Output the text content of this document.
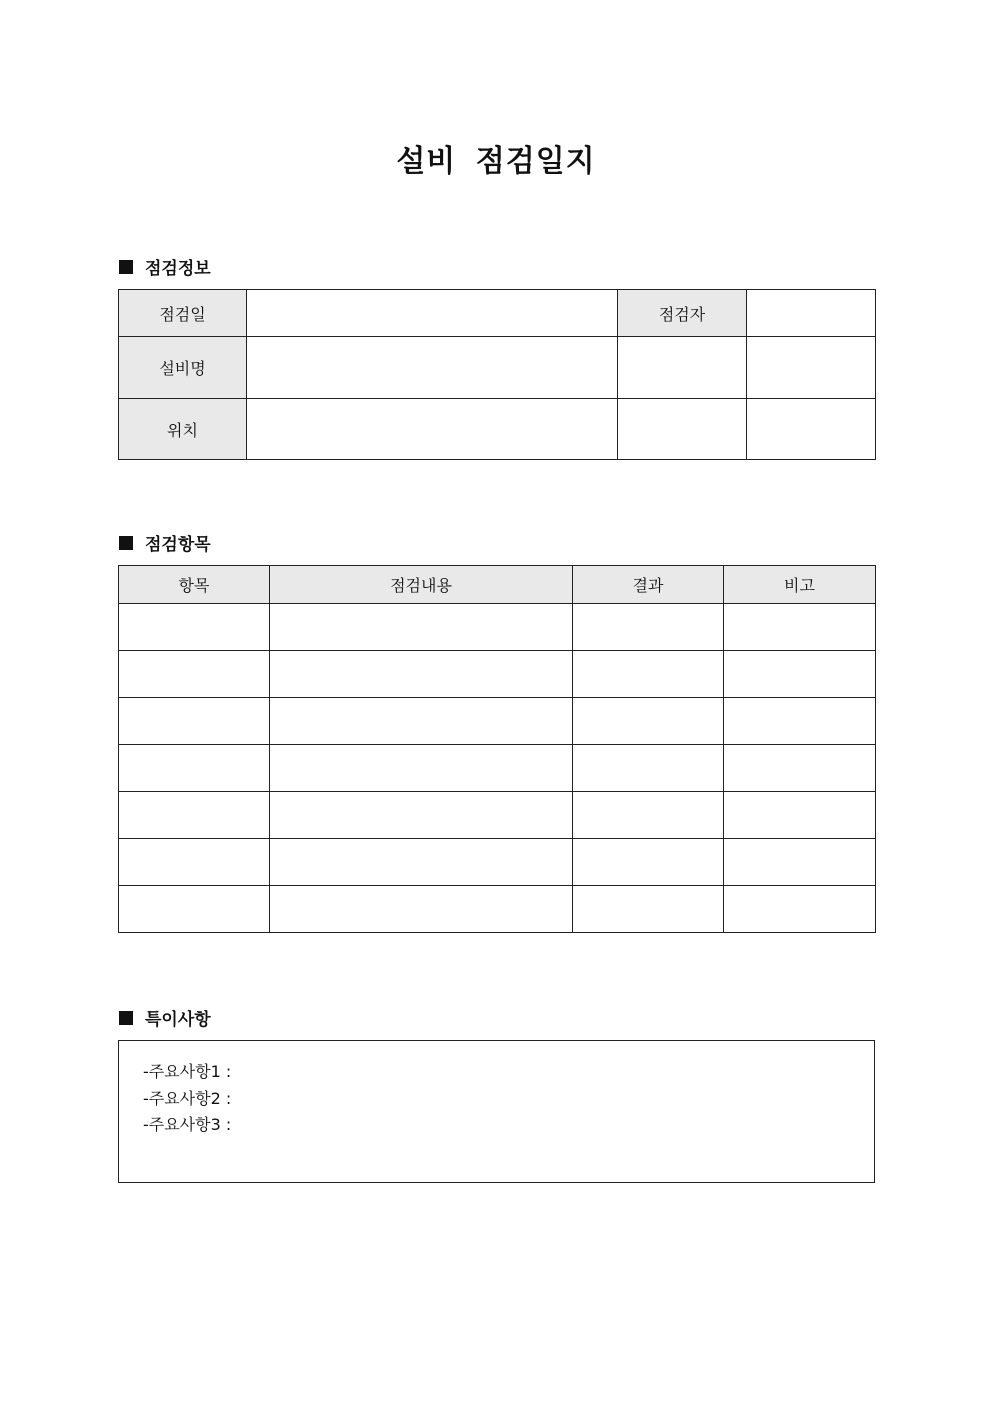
설비 점검일지
점검정보
점검일		점검자	
설비명			
위치			
점검항목
항목	점검내용	결과	비고

특이사항
-주요사항1 :
-주요사항2 :
-주요사항3 :
